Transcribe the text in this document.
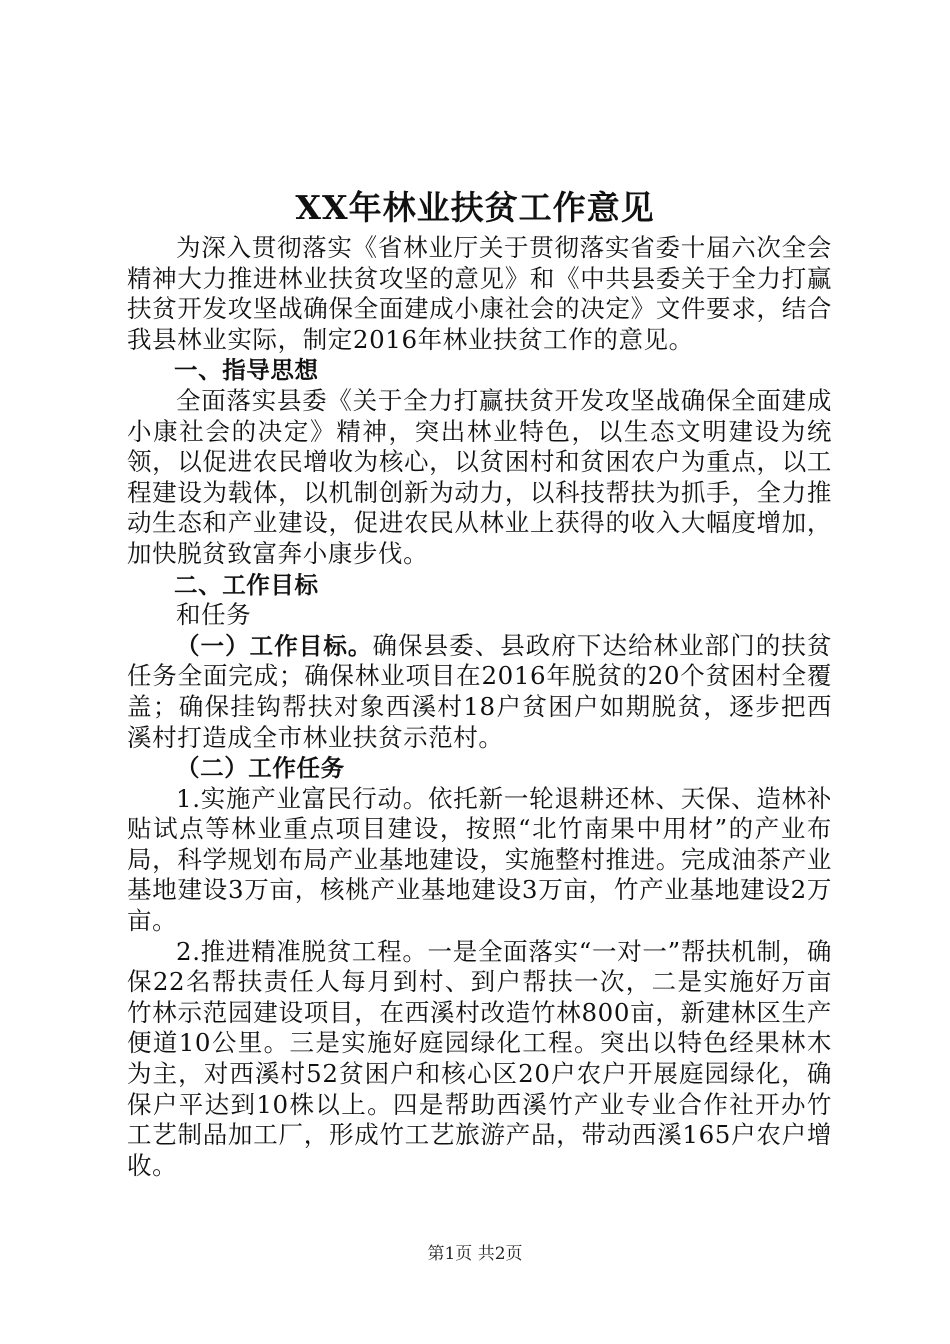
XX年林业扶贫工作意见

为深入贯彻落实《省林业厅关于贯彻落实省委十届六次全会精神大力推进林业扶贫攻坚的意见》和《中共县委关于全力打赢扶贫开发攻坚战确保全面建成小康社会的决定》文件要求，结合我县林业实际，制定2016年林业扶贫工作的意见。

一、指导思想

全面落实县委《关于全力打赢扶贫开发攻坚战确保全面建成小康社会的决定》精神，突出林业特色，以生态文明建设为统领，以促进农民增收为核心，以贫困村和贫困农户为重点，以工程建设为载体，以机制创新为动力，以科技帮扶为抓手，全力推动生态和产业建设，促进农民从林业上获得的收入大幅度增加，加快脱贫致富奔小康步伐。

二、工作目标

和任务

（一）工作目标。确保县委、县政府下达给林业部门的扶贫任务全面完成；确保林业项目在2016年脱贫的20个贫困村全覆盖；确保挂钩帮扶对象西溪村18户贫困户如期脱贫，逐步把西溪村打造成全市林业扶贫示范村。

（二）工作任务

1.实施产业富民行动。依托新一轮退耕还林、天保、造林补贴试点等林业重点项目建设，按照“北竹南果中用材”的产业布局，科学规划布局产业基地建设，实施整村推进。完成油茶产业基地建设3万亩，核桃产业基地建设3万亩，竹产业基地建设2万亩。

2.推进精准脱贫工程。一是全面落实“一对一”帮扶机制，确保22名帮扶责任人每月到村、到户帮扶一次，二是实施好万亩竹林示范园建设项目，在西溪村改造竹林800亩，新建林区生产便道10公里。三是实施好庭园绿化工程。突出以特色经果林木为主，对西溪村52贫困户和核心区20户农户开展庭园绿化，确保户平达到10株以上。四是帮助西溪竹产业专业合作社开办竹工艺制品加工厂，形成竹工艺旅游产品，带动西溪165户农户增收。

第1页 共2页
